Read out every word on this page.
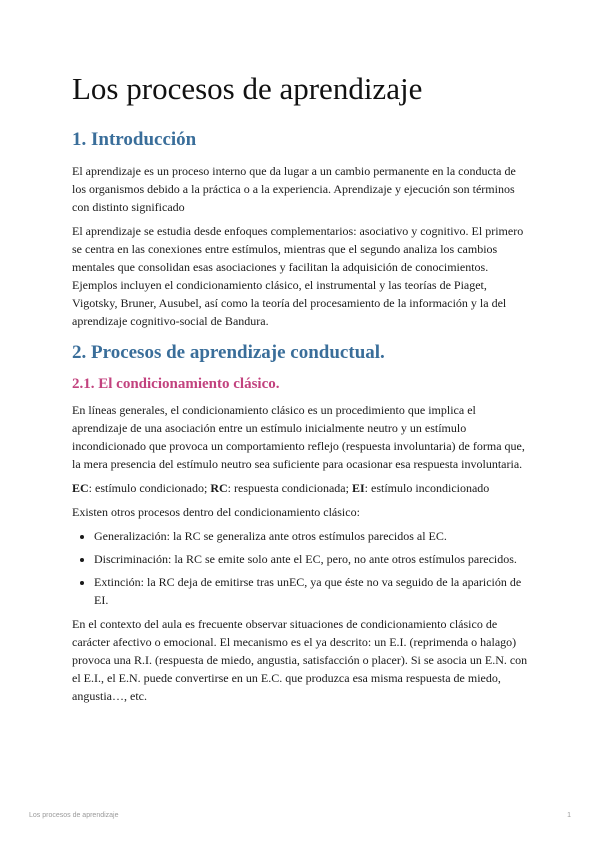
Los procesos de aprendizaje
1. Introducción

El aprendizaje es un proceso interno que da lugar a un cambio permanente en la conducta de los organismos debido a la práctica o a la experiencia. Aprendizaje y ejecución son términos con distinto significado

El aprendizaje se estudia desde enfoques complementarios: asociativo y cognitivo. El primero se centra en las conexiones entre estímulos, mientras que el segundo analiza los cambios mentales que consolidan esas asociaciones y facilitan la adquisición de conocimientos. Ejemplos incluyen el condicionamiento clásico, el instrumental y las teorías de Piaget, Vigotsky, Bruner, Ausubel, así como la teoría del procesamiento de la información y la del aprendizaje cognitivo-social de Bandura.

2. Procesos de aprendizaje conductual.
2.1. El condicionamiento clásico.

En líneas generales, el condicionamiento clásico es un procedimiento que implica el aprendizaje de una asociación entre un estímulo inicialmente neutro y un estímulo incondicionado que provoca un comportamiento reflejo (respuesta involuntaria) de forma que, la mera presencia del estímulo neutro sea suficiente para ocasionar esa respuesta involuntaria.

EC: estímulo condicionado; RC: respuesta condicionada; EI: estímulo incondicionado

Existen otros procesos dentro del condicionamiento clásico:

• Generalización: la RC se generaliza ante otros estímulos parecidos al EC.
• Discriminación: la RC se emite solo ante el EC, pero, no ante otros estímulos parecidos.
• Extinción: la RC deja de emitirse tras unEC, ya que éste no va seguido de la aparición de EI.

En el contexto del aula es frecuente observar situaciones de condicionamiento clásico de carácter afectivo o emocional. El mecanismo es el ya descrito: un E.I. (reprimenda o halago) provoca una R.I. (respuesta de miedo, angustia, satisfacción o placer). Si se asocia un E.N. con el E.I., el E.N. puede convertirse en un E.C. que produzca esa misma respuesta de miedo, angustia…, etc.

Los procesos de aprendizaje	1
